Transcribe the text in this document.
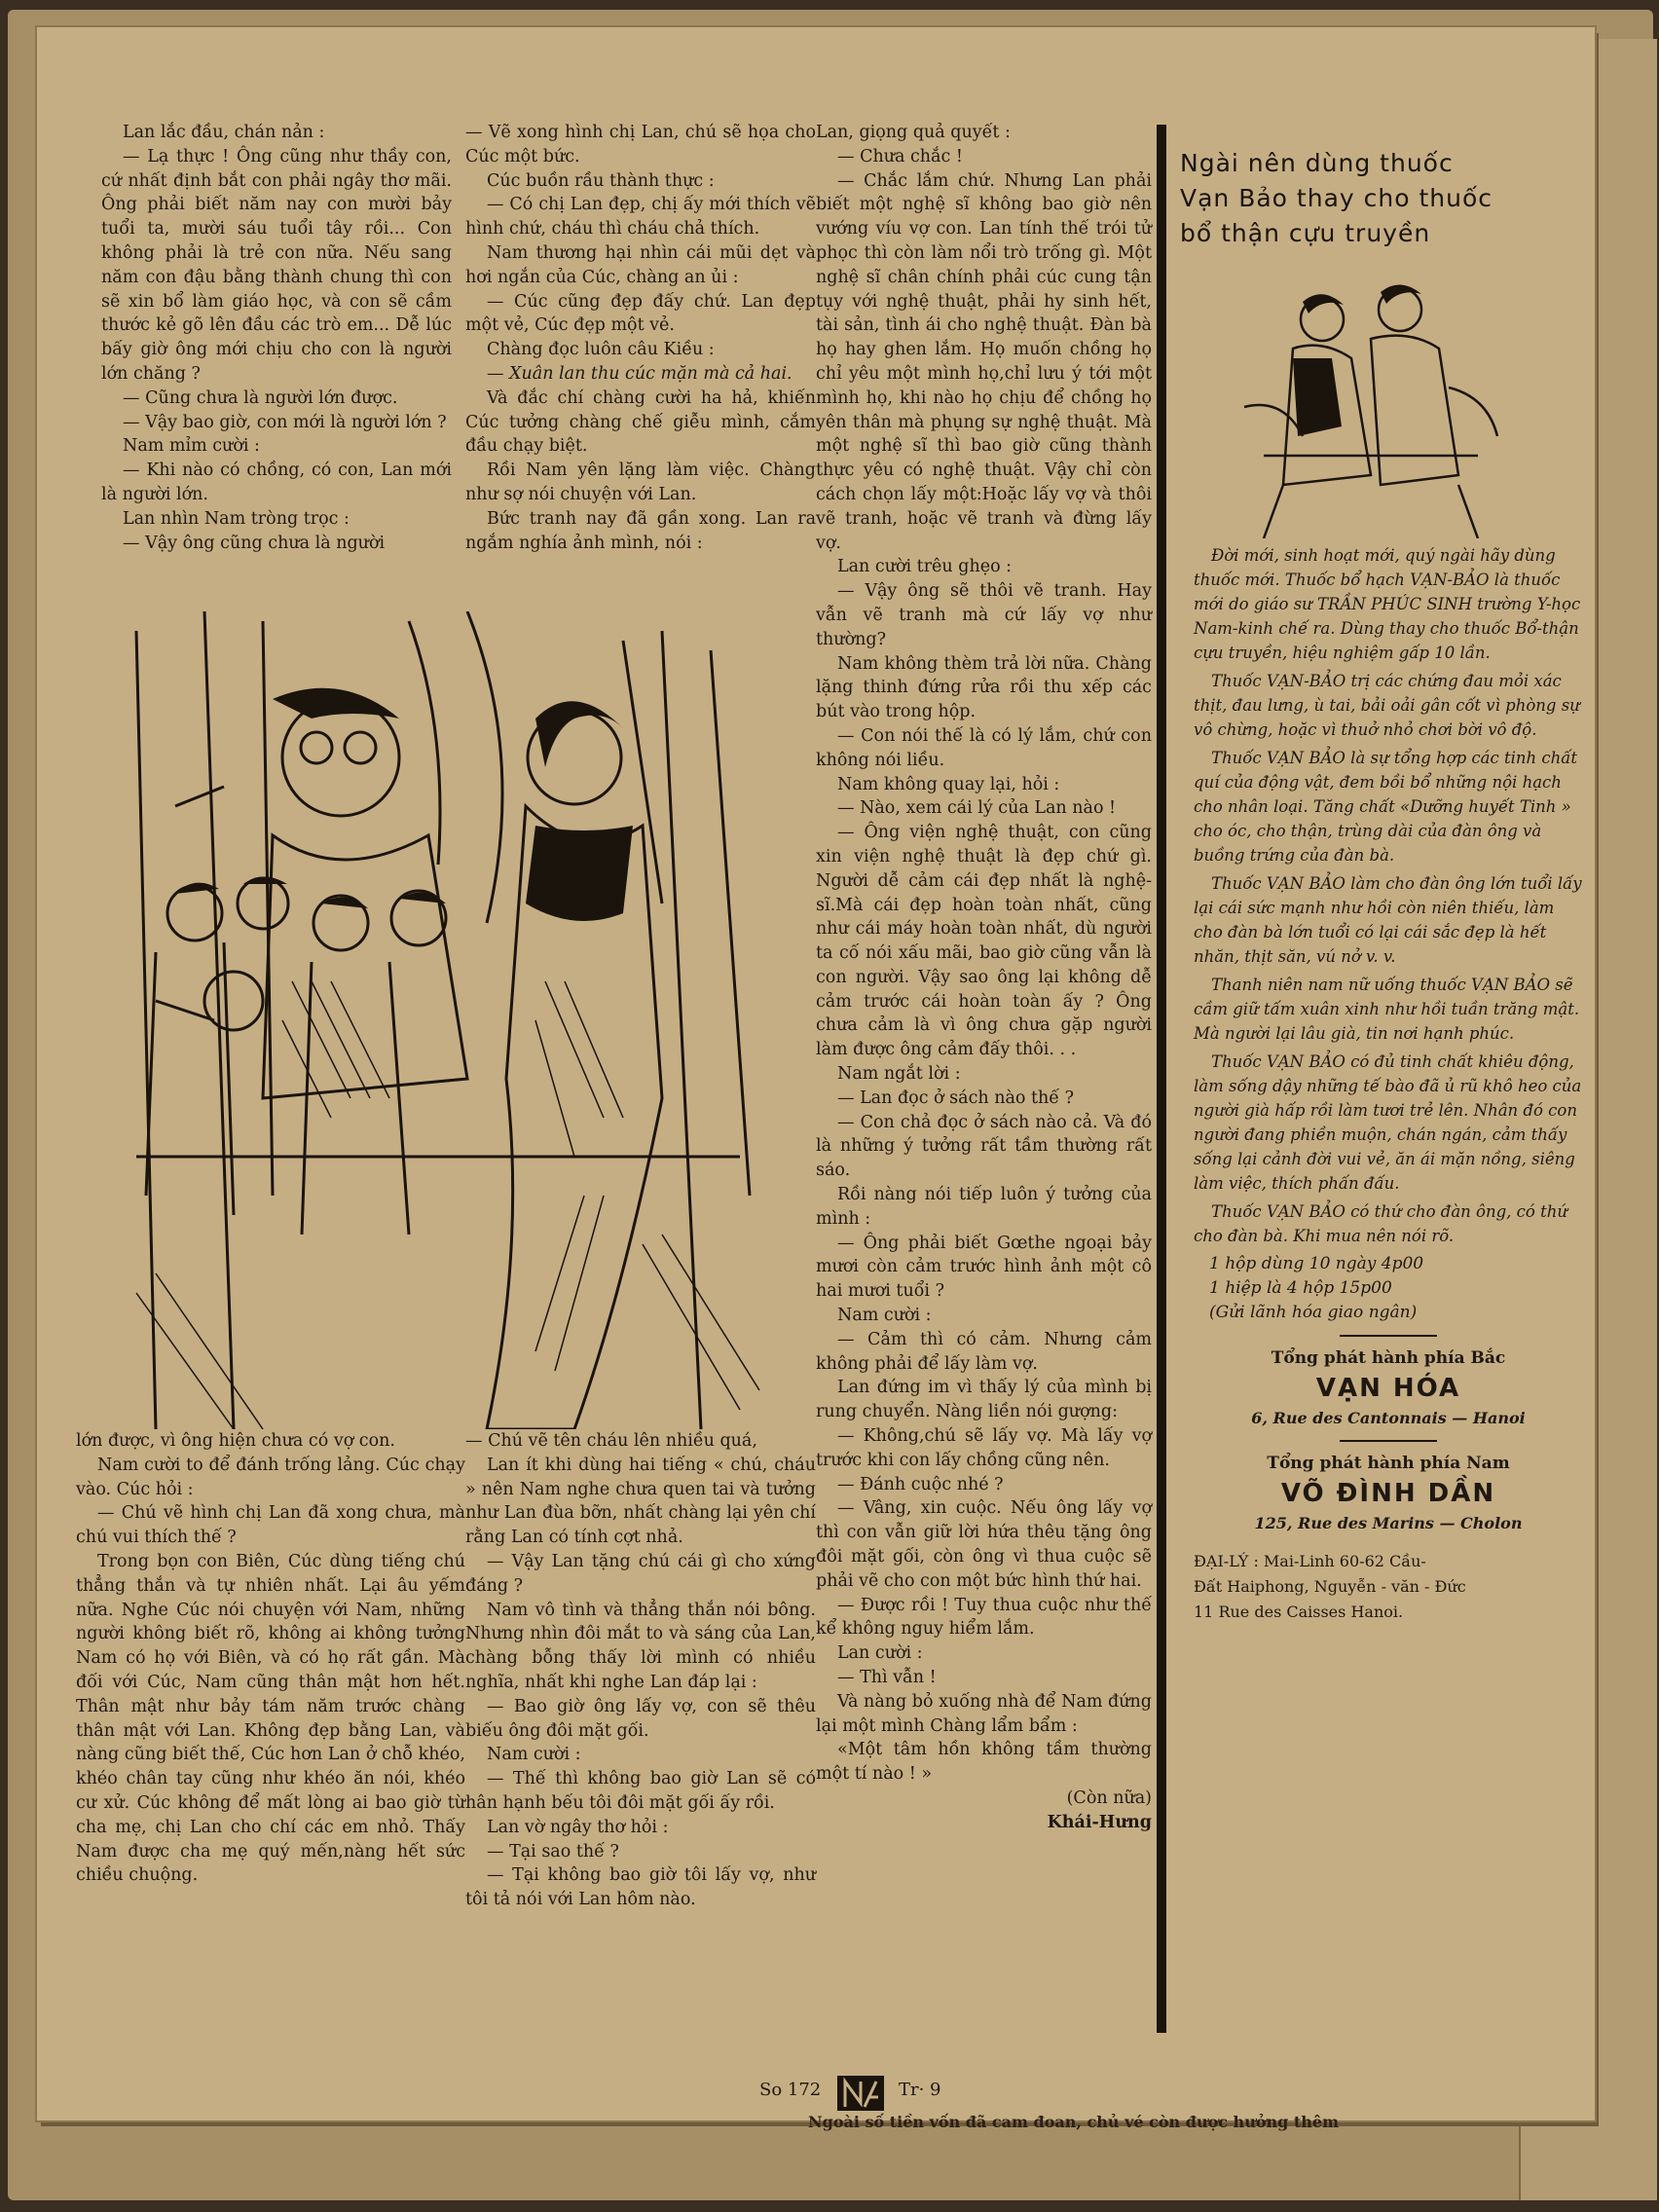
Lan lắc đầu, chán nản :

— Lạ thực ! Ông cũng như thầy con, cứ nhất định bắt con phải ngây thơ mãi. Ông phải biết năm nay con mười bảy tuổi ta, mười sáu tuổi tây rồi... Con không phải là trẻ con nữa. Nếu sang năm con đậu bằng thành chung thì con sẽ xin bổ làm giáo học, và con sẽ cầm thước kẻ gõ lên đầu các trò em... Dễ lúc bấy giờ ông mới chịu cho con là người lớn chăng ?

— Cũng chưa là người lớn được.

— Vậy bao giờ, con mới là người lớn ?

Nam mỉm cười :

— Khi nào có chồng, có con, Lan mới là người lớn.

Lan nhìn Nam tròng trọc :

— Vậy ông cũng chưa là người

— Vẽ xong hình chị Lan, chú sẽ họa cho Cúc một bức.

Cúc buồn rầu thành thực :

— Có chị Lan đẹp, chị ấy mới thích vẽ hình chứ, cháu thì cháu chả thích.

Nam thương hại nhìn cái mũi dẹt và hơi ngắn của Cúc, chàng an ủi :

— Cúc cũng đẹp đấy chứ. Lan đẹp một vẻ, Cúc đẹp một vẻ.

Chàng đọc luôn câu Kiều :

— Xuân lan thu cúc mặn mà cả hai.

Và đắc chí chàng cười ha hả, khiến Cúc tưởng chàng chế giễu mình, cắm đầu chạy biệt.

Rồi Nam yên lặng làm việc. Chàng như sợ nói chuyện với Lan.

Bức tranh nay đã gần xong. Lan ra ngắm nghía ảnh mình, nói :

Lan, giọng quả quyết :

— Chưa chắc !

— Chắc lắm chứ. Nhưng Lan phải biết một nghệ sĩ không bao giờ nên vướng víu vợ con. Lan tính thế trói tử phọc thì còn làm nổi trò trống gì. Một nghệ sĩ chân chính phải cúc cung tận tụy với nghệ thuật, phải hy sinh hết, tài sản, tình ái cho nghệ thuật. Đàn bà họ hay ghen lắm. Họ muốn chồng họ chỉ yêu một mình họ,chỉ lưu ý tới một mình họ, khi nào họ chịu để chồng họ yên thân mà phụng sự nghệ thuật. Mà một nghệ sĩ thì bao giờ cũng thành thực yêu có nghệ thuật. Vậy chỉ còn cách chọn lấy một:Hoặc lấy vợ và thôi vẽ tranh, hoặc vẽ tranh và đừng lấy vợ.

Lan cười trêu ghẹo :

— Vậy ông sẽ thôi vẽ tranh. Hay vẫn vẽ tranh mà cứ lấy vợ như thường?

Nam không thèm trả lời nữa. Chàng lặng thinh đứng rửa rồi thu xếp các bút vào trong hộp.

— Con nói thế là có lý lắm, chứ con không nói liều.

Nam không quay lại, hỏi :

— Nào, xem cái lý của Lan nào !

— Ông viện nghệ thuật, con cũng xin viện nghệ thuật là đẹp chứ gì. Người dễ cảm cái đẹp nhất là nghệ-sĩ.Mà cái đẹp hoàn toàn nhất, cũng như cái máy hoàn toàn nhất, dù người ta cố nói xấu mãi, bao giờ cũng vẫn là con người. Vậy sao ông lại không dễ cảm trước cái hoàn toàn ấy ? Ông chưa cảm là vì ông chưa gặp người làm được ông cảm đấy thôi. . .

Nam ngắt lời :

— Lan đọc ở sách nào thế ?

— Con chả đọc ở sách nào cả. Và đó là những ý tưởng rất tầm thường rất sáo.

Rồi nàng nói tiếp luôn ý tưởng của mình :

— Ông phải biết Gœthe ngoại bảy mươi còn cảm trước hình ảnh một cô hai mươi tuổi ?

Nam cười :

— Cảm thì có cảm. Nhưng cảm không phải để lấy làm vợ.

Lan đứng im vì thấy lý của mình bị rung chuyển. Nàng liền nói gượng:

— Không,chú sẽ lấy vợ. Mà lấy vợ trước khi con lấy chồng cũng nên.

— Đánh cuộc nhé ?

— Vâng, xin cuộc. Nếu ông lấy vợ thì con vẫn giữ lời hứa thêu tặng ông đôi mặt gối, còn ông vì thua cuộc sẽ phải vẽ cho con một bức hình thứ hai.

— Được rồi ! Tuy thua cuộc như thế kể không nguy hiểm lắm.

Lan cười :

— Thì vẫn !

Và nàng bỏ xuống nhà để Nam đứng lại một mình Chàng lẩm bẩm :

«Một tâm hồn không tầm thường một tí nào ! »

(Còn nữa)

Khái-Hưng

lớn được, vì ông hiện chưa có vợ con.

Nam cười to để đánh trống lảng. Cúc chạy vào. Cúc hỏi :

— Chú vẽ hình chị Lan đã xong chưa, mà chú vui thích thế ?

Trong bọn con Biên, Cúc dùng tiếng chú thẳng thắn và tự nhiên nhất. Lại âu yếm nữa. Nghe Cúc nói chuyện với Nam, những người không biết rõ, không ai không tưởng Nam có họ với Biên, và có họ rất gần. Mà đối với Cúc, Nam cũng thân mật hơn hết. Thân mật như bảy tám năm trước chàng thân mật với Lan. Không đẹp bằng Lan, và nàng cũng biết thế, Cúc hơn Lan ở chỗ khéo, khéo chân tay cũng như khéo ăn nói, khéo cư xử. Cúc không để mất lòng ai bao giờ từ cha mẹ, chị Lan cho chí các em nhỏ. Thấy Nam được cha mẹ quý mến,nàng hết sức chiều chuộng.

— Chú vẽ tên cháu lên nhiều quá,

Lan ít khi dùng hai tiếng « chú, cháu » nên Nam nghe chưa quen tai và tưởng như Lan đùa bỡn, nhất chàng lại yên chí rằng Lan có tính cợt nhả.

— Vậy Lan tặng chú cái gì cho xứng đáng ?

Nam vô tình và thẳng thắn nói bông. Nhưng nhìn đôi mắt to và sáng của Lan, chàng bỗng thấy lời mình có nhiều nghĩa, nhất khi nghe Lan đáp lại :

— Bao giờ ông lấy vợ, con sẽ thêu biếu ông đôi mặt gối.

Nam cười :

— Thế thì không bao giờ Lan sẽ có hân hạnh bếu tôi đôi mặt gối ấy rồi.

Lan vờ ngây thơ hỏi :

— Tại sao thế ?

— Tại không bao giờ tôi lấy vợ, như tôi tả nói với Lan hôm nào.

Ngài nên dùng thuốc
Vạn Bảo thay cho thuốc
bổ thận cựu truyền

Đời mới, sinh hoạt mới, quý ngài hãy dùng thuốc mới. Thuốc bổ hạch VẠN-BẢO là thuốc mới do giáo sư TRẦN PHÚC SINH trường Y-học Nam-kinh chế ra. Dùng thay cho thuốc Bổ-thận cựu truyền, hiệu nghiệm gấp 10 lần.

Thuốc VẠN-BẢO trị các chứng đau mỏi xác thịt, đau lưng, ù tai, bải oải gân cốt vì phòng sự vô chừng, hoặc vì thuở nhỏ chơi bời vô độ.

Thuốc VẠN BẢO là sự tổng hợp các tinh chất quí của động vật, đem bồi bổ những nội hạch cho nhân loại. Tăng chất «Dưỡng huyết Tinh » cho óc, cho thận, trùng dài của đàn ông và buồng trứng của đàn bà.

Thuốc VẠN BẢO làm cho đàn ông lớn tuổi lấy lại cái sức mạnh như hồi còn niên thiếu, làm cho đàn bà lớn tuổi có lại cái sắc đẹp là hết nhăn, thịt săn, vú nở v. v.

Thanh niên nam nữ uống thuốc VẠN BẢO sẽ cầm giữ tấm xuân xinh như hồi tuần trăng mật. Mà người lại lâu già, tin nơi hạnh phúc.

Thuốc VẠN BẢO có đủ tinh chất khiêu động, làm sống dậy những tế bào đã ủ rũ khô heo của người già hấp rồi làm tươi trẻ lên. Nhân đó con người đang phiền muộn, chán ngán, cảm thấy sống lại cảnh đời vui vẻ, ăn ái mặn nồng, siêng làm việc, thích phấn đấu.

Thuốc VẠN BẢO có thứ cho đàn ông, có thứ cho đàn bà. Khi mua nên nói rõ.

1 hộp dùng 10 ngày 4p00
1 hiệp là 4 hộp 15p00
(Gửi lãnh hóa giao ngân)
Tổng phát hành phía Bắc
VẠN HÓA
6, Rue des Cantonnais — Hanoi
Tổng phát hành phía Nam
VÕ ĐÌNH DẦN
125, Rue des Marins — Cholon
ĐẠI-LÝ : Mai-Linh 60-62 Cầu-
Đất Haiphong, Nguyễn - văn - Đức
11 Rue des Caisses Hanoi.
So 172	Tr· 9
Ngoài số tiền vốn đã cam đoan, chủ vé còn được hưởng thêm
